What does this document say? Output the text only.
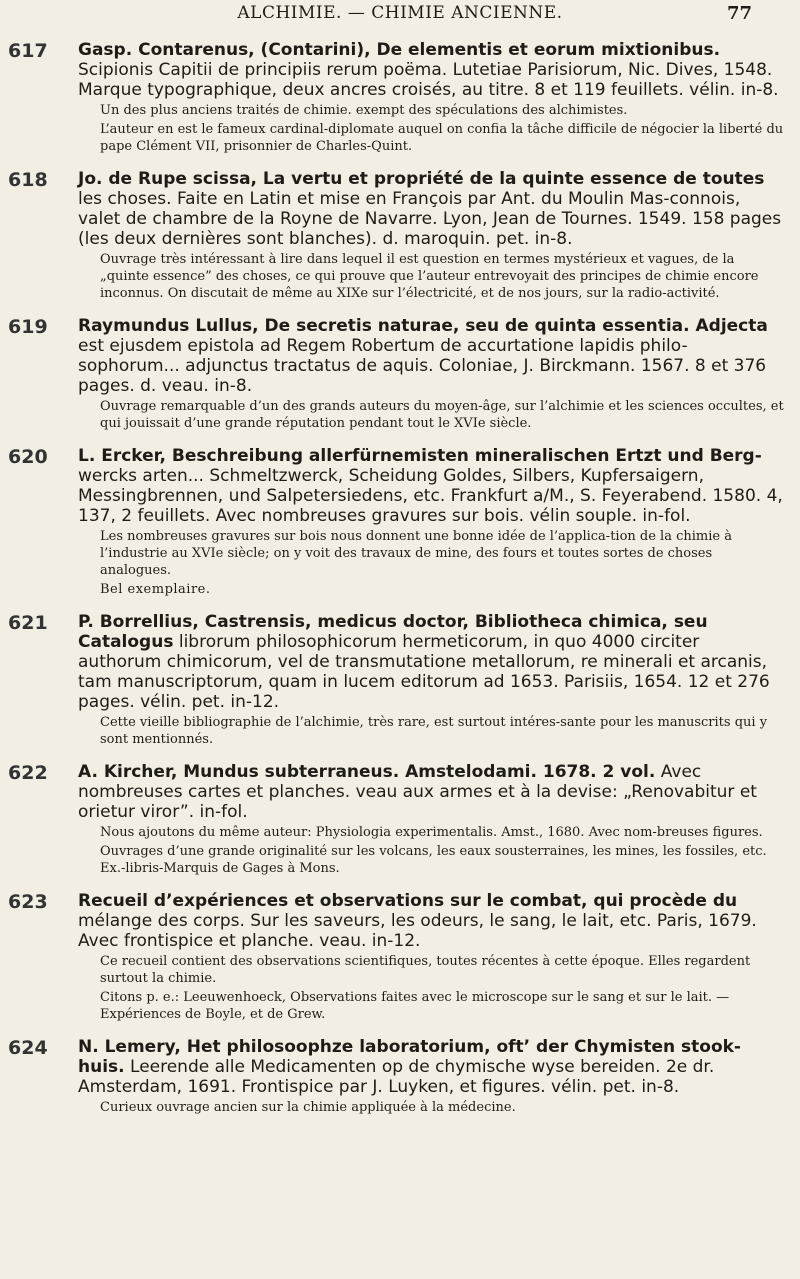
ALCHIMIE. — CHIMIE ANCIENNE.	77
617 Gasp. Contarenus, (Contarini), De elementis et eorum mixtionibus. Scipionis Capitii de principiis rerum poëma. Lutetiae Parisiorum, Nic. Dives, 1548. Marque typographique, deux ancres croisés, au titre. 8 et 119 feuillets. vélin. in-8.
Un des plus anciens traités de chimie. exempt des spéculations des alchimistes.
L’auteur en est le fameux cardinal-diplomate auquel on confia la tâche difficile de négocier la liberté du pape Clément VII, prisonnier de Charles-Quint.
618 Jo. de Rupe scissa, La vertu et propriété de la quinte essence de toutes les choses. Faite en Latin et mise en François par Ant. du Moulin Mas-connois, valet de chambre de la Royne de Navarre. Lyon, Jean de Tournes. 1549. 158 pages (les deux dernières sont blanches). d. maroquin. pet. in-8.
Ouvrage très intéressant à lire dans lequel il est question en termes mystérieux et vagues, de la „quinte essence” des choses, ce qui prouve que l’auteur entrevoyait des principes de chimie encore inconnus. On discutait de même au XIXe sur l’électricité, et de nos jours, sur la radio-activité.
619 Raymundus Lullus, De secretis naturae, seu de quinta essentia. Adjecta est ejusdem epistola ad Regem Robertum de accurtatione lapidis philo-sophorum... adjunctus tractatus de aquis. Coloniae, J. Birckmann. 1567. 8 et 376 pages. d. veau. in-8.
Ouvrage remarquable d’un des grands auteurs du moyen-âge, sur l’alchimie et les sciences occultes, et qui jouissait d’une grande réputation pendant tout le XVIe siècle.
620 L. Ercker, Beschreibung allerfürnemisten mineralischen Ertzt und Berg- wercks arten... Schmeltzwerck, Scheidung Goldes, Silbers, Kupfersaigern, Messingbrennen, und Salpetersiedens, etc. Frankfurt a/M., S. Feyerabend. 1580. 4, 137, 2 feuillets. Avec nombreuses gravures sur bois. vélin souple. in-fol.
Les nombreuses gravures sur bois nous donnent une bonne idée de l’applica-tion de la chimie à l’industrie au XVIe siècle; on y voit des travaux de mine, des fours et toutes sortes de choses analogues.
Bel exemplaire.
621 P. Borrellius, Castrensis, medicus doctor, Bibliotheca chimica, seu Catalogus librorum philosophicorum hermeticorum, in quo 4000 circiter authorum chimicorum, vel de transmutatione metallorum, re minerali et arcanis, tam manuscriptorum, quam in lucem editorum ad 1653. Parisiis, 1654. 12 et 276 pages. vélin. pet. in-12.
Cette vieille bibliographie de l’alchimie, très rare, est surtout intéres-sante pour les manuscrits qui y sont mentionnés.
622 A. Kircher, Mundus subterraneus. Amstelodami. 1678. 2 vol. Avec nombreuses cartes et planches. veau aux armes et à la devise: „Renovabitur et orietur viror”. in-fol.
Nous ajoutons du même auteur: Physiologia experimentalis. Amst., 1680. Avec nom-breuses figures.
Ouvrages d’une grande originalité sur les volcans, les eaux sousterraines, les mines, les fossiles, etc. Ex.-libris-Marquis de Gages à Mons.
623 Recueil d’expériences et observations sur le combat, qui procède du mélange des corps. Sur les saveurs, les odeurs, le sang, le lait, etc. Paris, 1679. Avec frontispice et planche. veau. in-12.
Ce recueil contient des observations scientifiques, toutes récentes à cette époque. Elles regardent surtout la chimie.
Citons p. e.: Leeuwenhoeck, Observations faites avec le microscope sur le sang et sur le lait. — Expériences de Boyle, et de Grew.
624 N. Lemery, Het philosoophze laboratorium, oft’ der Chymisten stook-huis. Leerende alle Medicamenten op de chymische wyse bereiden. 2e dr. Amsterdam, 1691. Frontispice par J. Luyken, et figures. vélin. pet. in-8.
Curieux ouvrage ancien sur la chimie appliquée à la médecine.
